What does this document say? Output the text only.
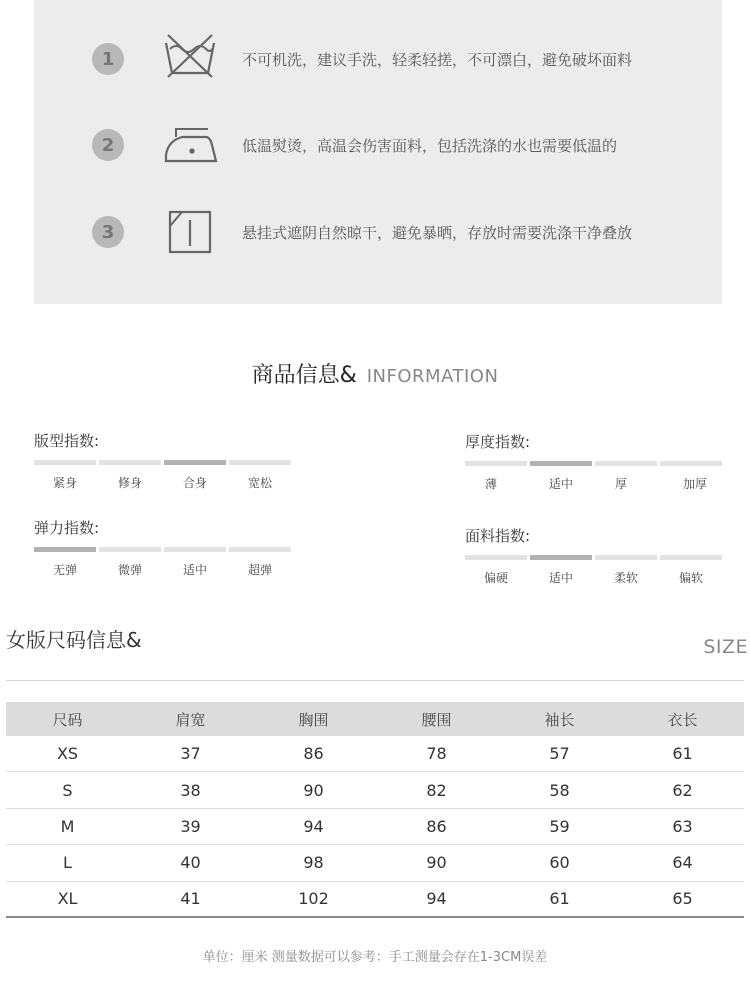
1	不可机洗，建议手洗，轻柔轻搓，不可漂白，避免破坏面料
2	低温熨烫，高温会伤害面料，包括洗涤的水也需要低温的
3	悬挂式遮阴自然晾干，避免暴晒，存放时需要洗涤干净叠放
商品信息& INFORMATION
版型指数:
紧身	修身	合身	宽松
厚度指数:
薄	适中	厚	加厚
弹力指数:
无弹	微弹	适中	超弹
面料指数:
偏硬	适中	柔软	偏软
女版尺码信息&	SIZE
尺码	肩宽	胸围	腰围	袖长	衣长
XS	37	86	78	57	61
S	38	90	82	58	62
M	39	94	86	59	63
L	40	98	90	60	64
XL	41	102	94	61	65
单位：厘米 测量数据可以参考：手工测量会存在1-3CM误差
